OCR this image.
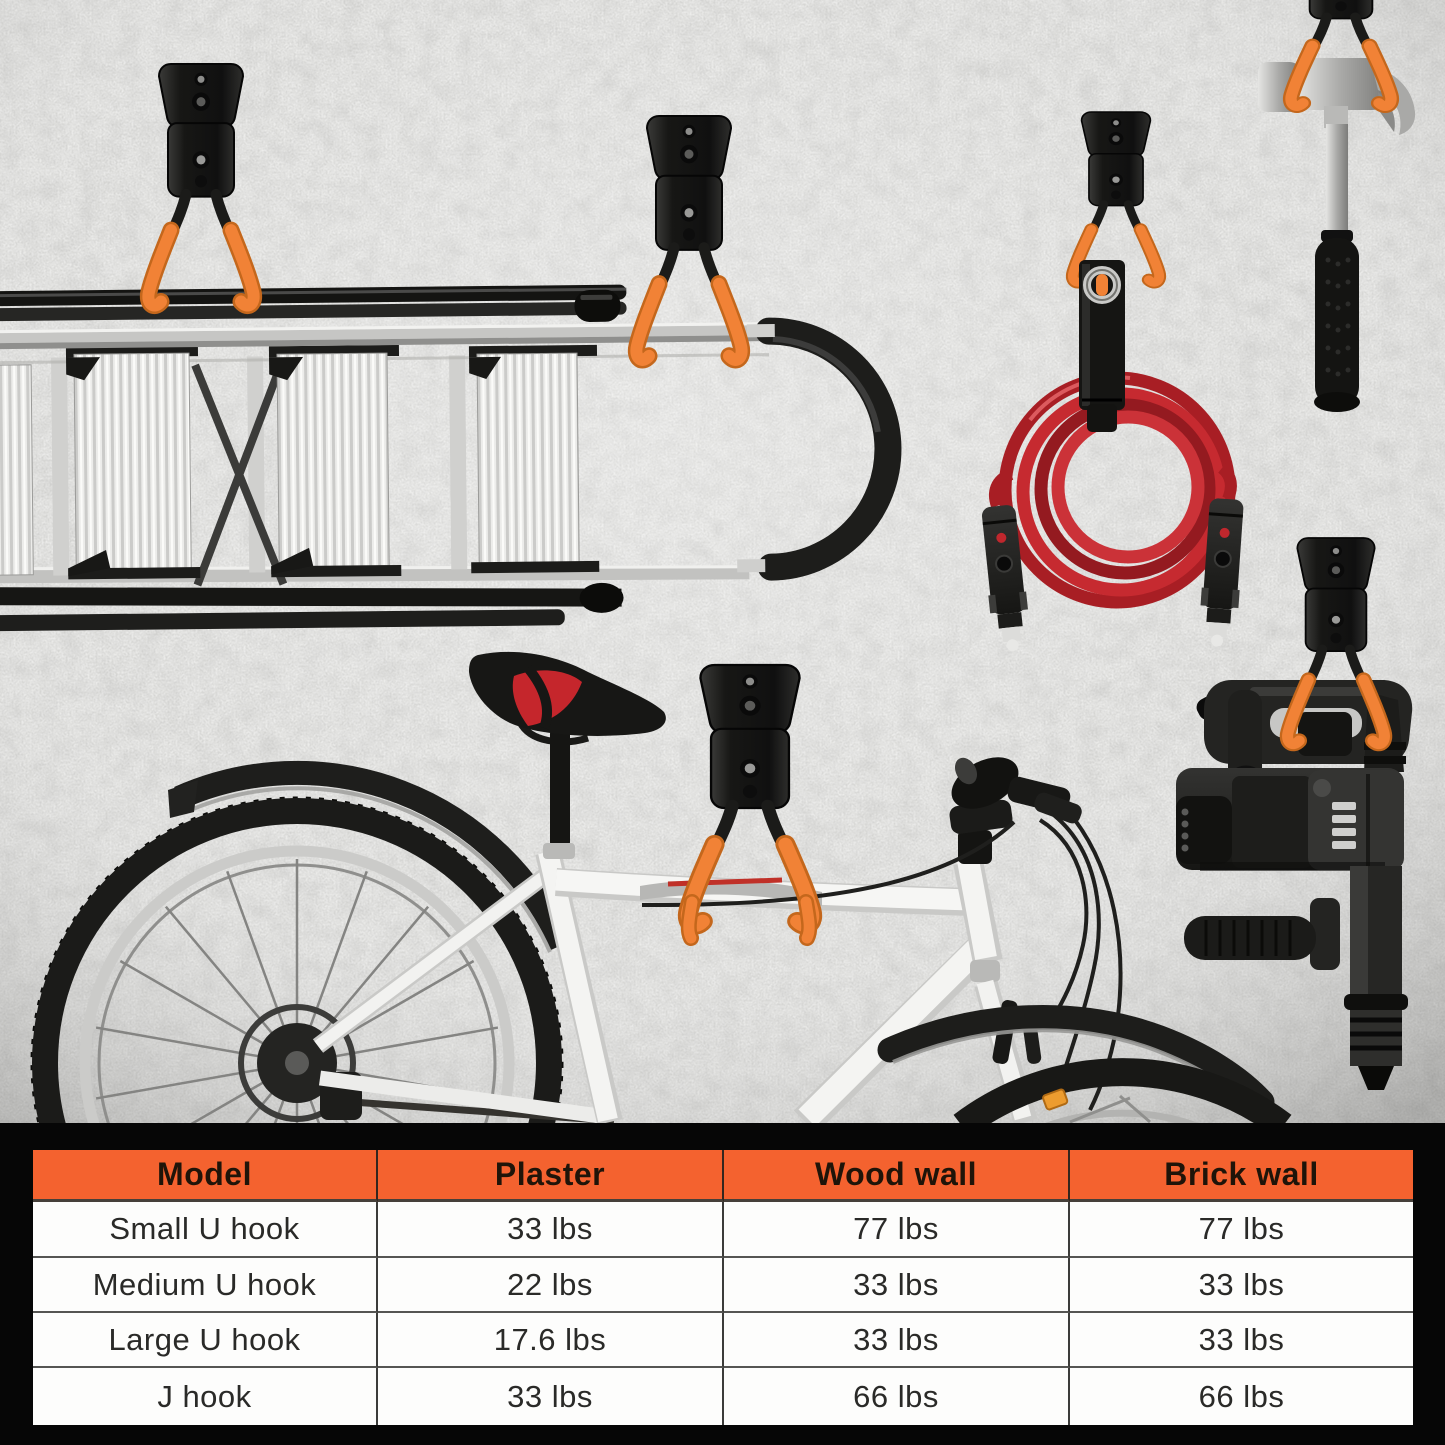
Model	Plaster	Wood wall	Brick wall
Small U hook	33 lbs	77 lbs	77 lbs
Medium U hook	22 lbs	33 lbs	33 lbs
Large U hook	17.6 lbs	33 lbs	33 lbs
J hook	33 lbs	66 lbs	66 lbs
